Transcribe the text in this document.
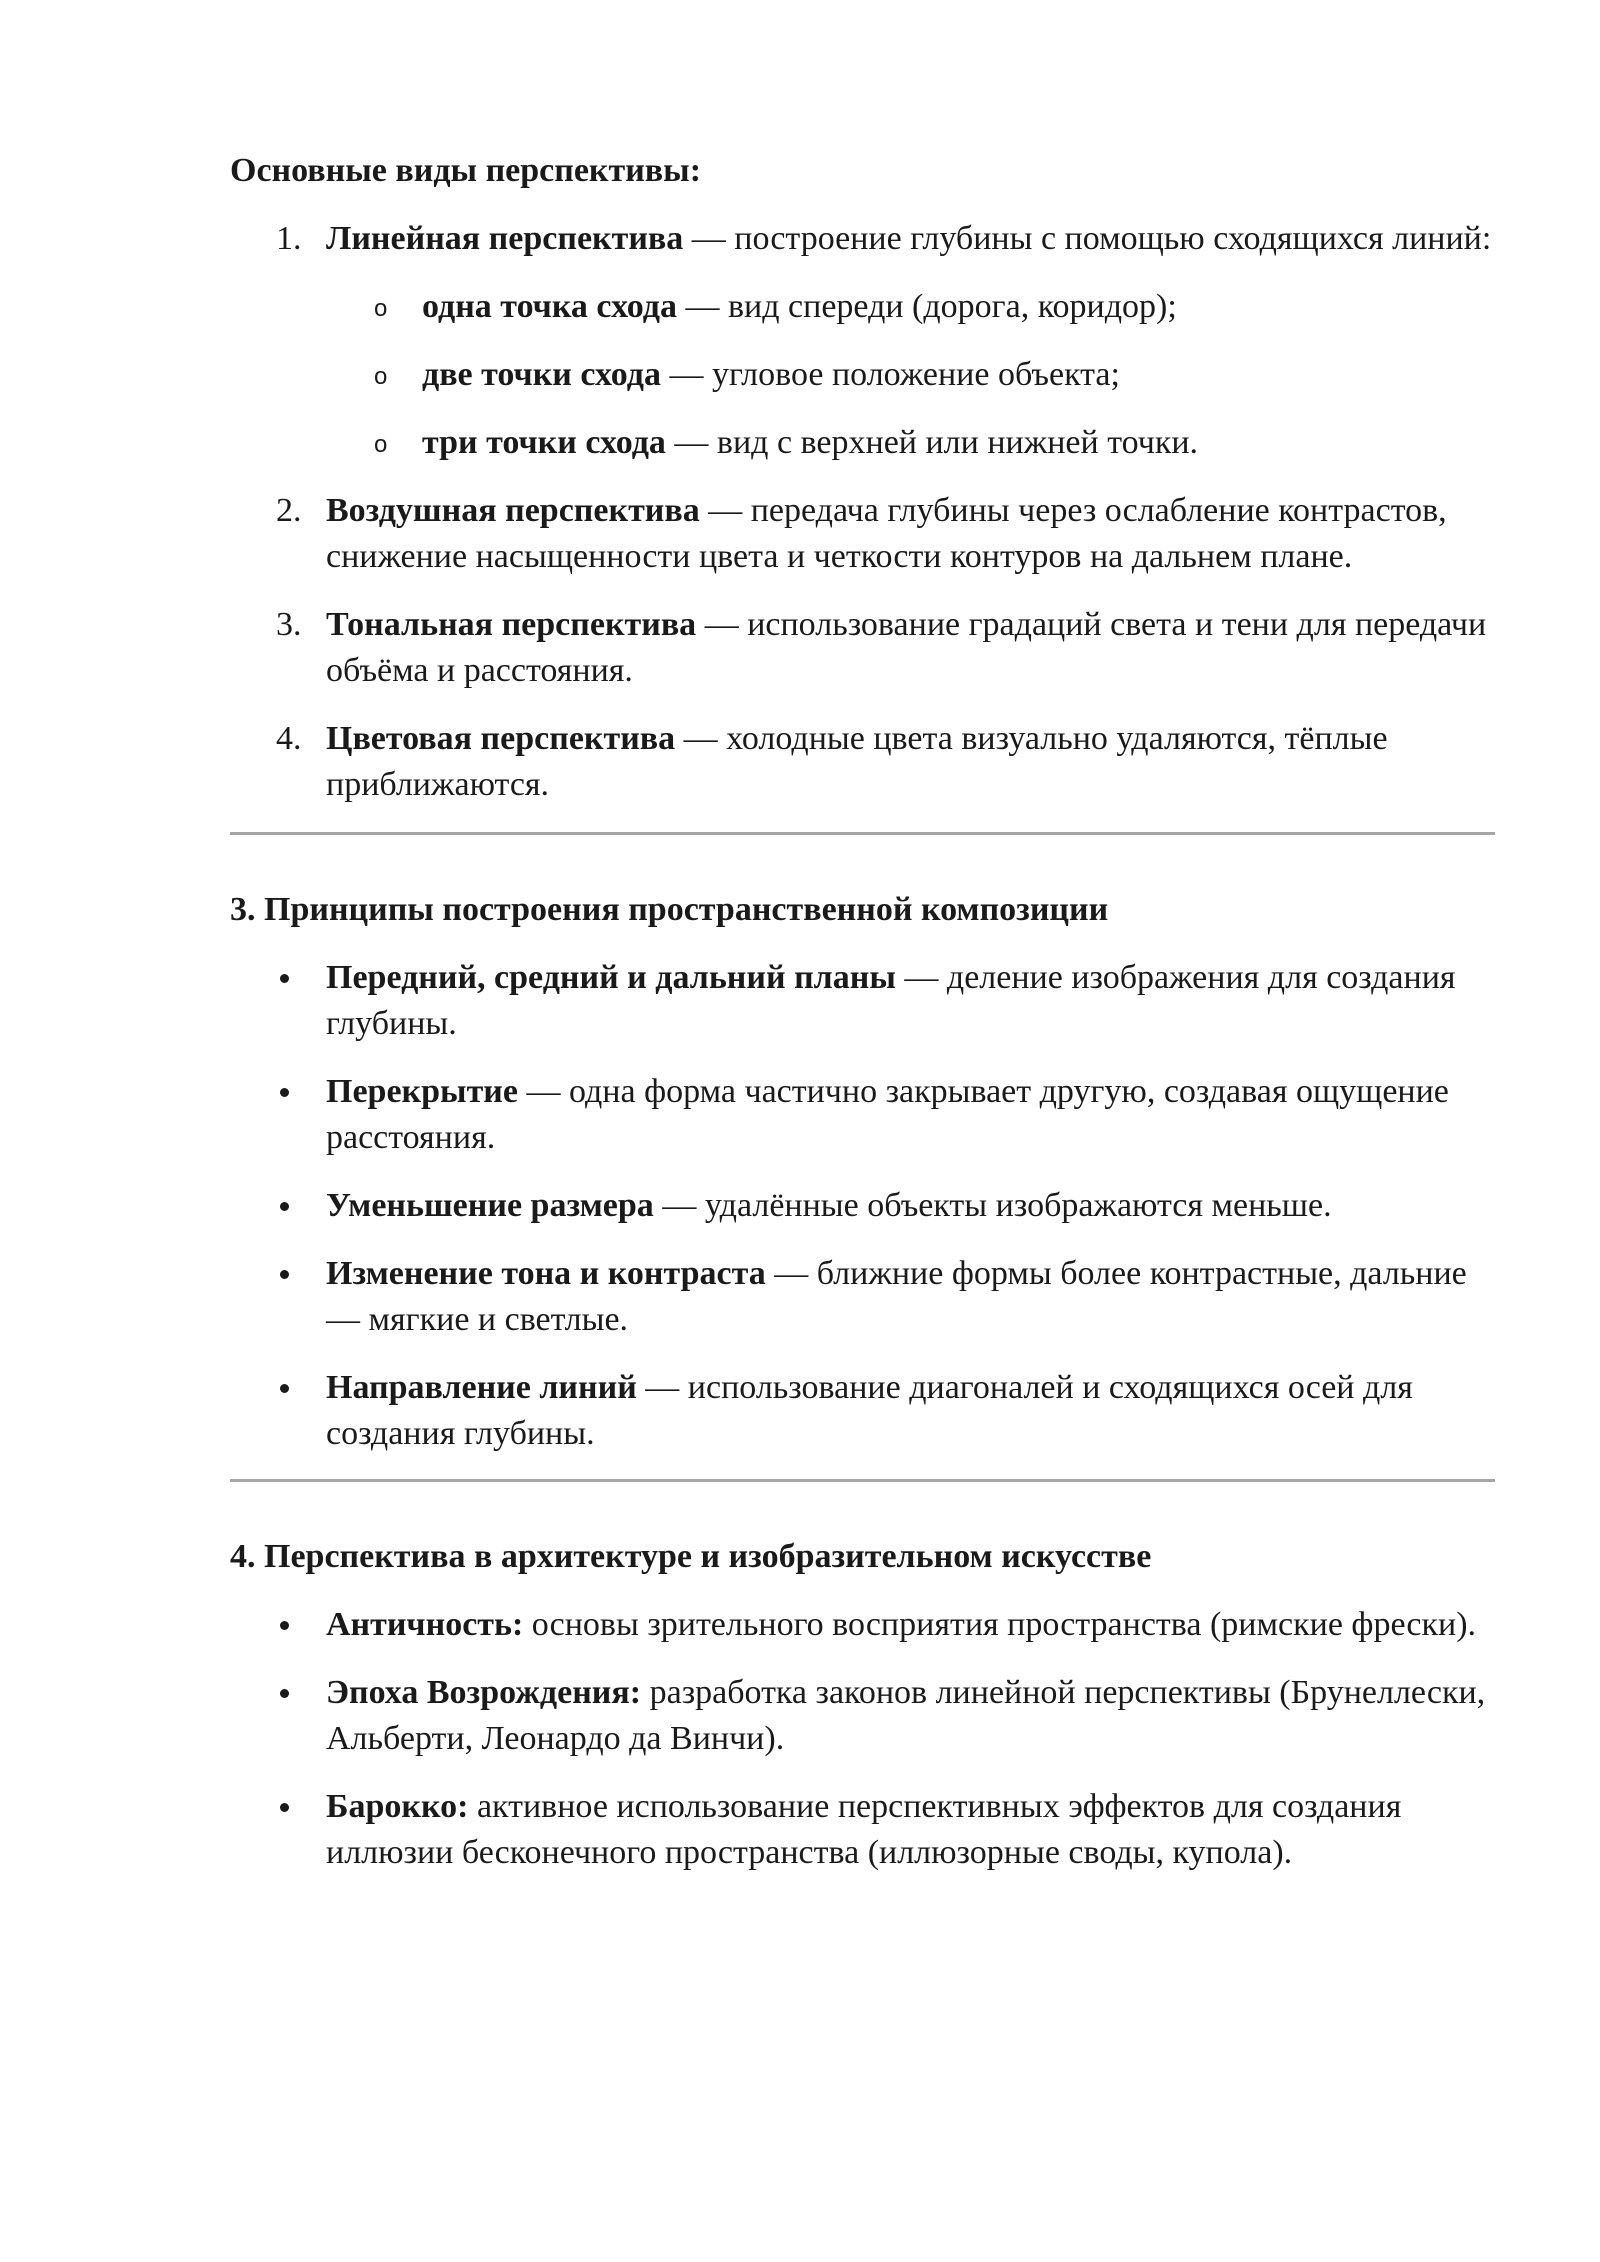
Основные виды перспективы:

1. Линейная перспектива — построение глубины с помощью сходящихся линий:
o одна точка схода — вид спереди (дорога, коридор);
o две точки схода — угловое положение объекта;
o три точки схода — вид с верхней или нижней точки.
2. Воздушная перспектива — передача глубины через ослабление контрастов, снижение насыщенности цвета и четкости контуров на дальнем плане.
3. Тональная перспектива — использование градаций света и тени для передачи объёма и расстояния.
4. Цветовая перспектива — холодные цвета визуально удаляются, тёплые приближаются.

3. Принципы построения пространственной композиции

Передний, средний и дальний планы — деление изображения для создания глубины.
Перекрытие — одна форма частично закрывает другую, создавая ощущение расстояния.
Уменьшение размера — удалённые объекты изображаются меньше.
Изменение тона и контраста — ближние формы более контрастные, дальние — мягкие и светлые.
Направление линий — использование диагоналей и сходящихся осей для создания глубины.

4. Перспектива в архитектуре и изобразительном искусстве

Античность: основы зрительного восприятия пространства (римские фрески).
Эпоха Возрождения: разработка законов линейной перспективы (Брунеллески, Альберти, Леонардо да Винчи).
Барокко: активное использование перспективных эффектов для создания иллюзии бесконечного пространства (иллюзорные своды, купола).
